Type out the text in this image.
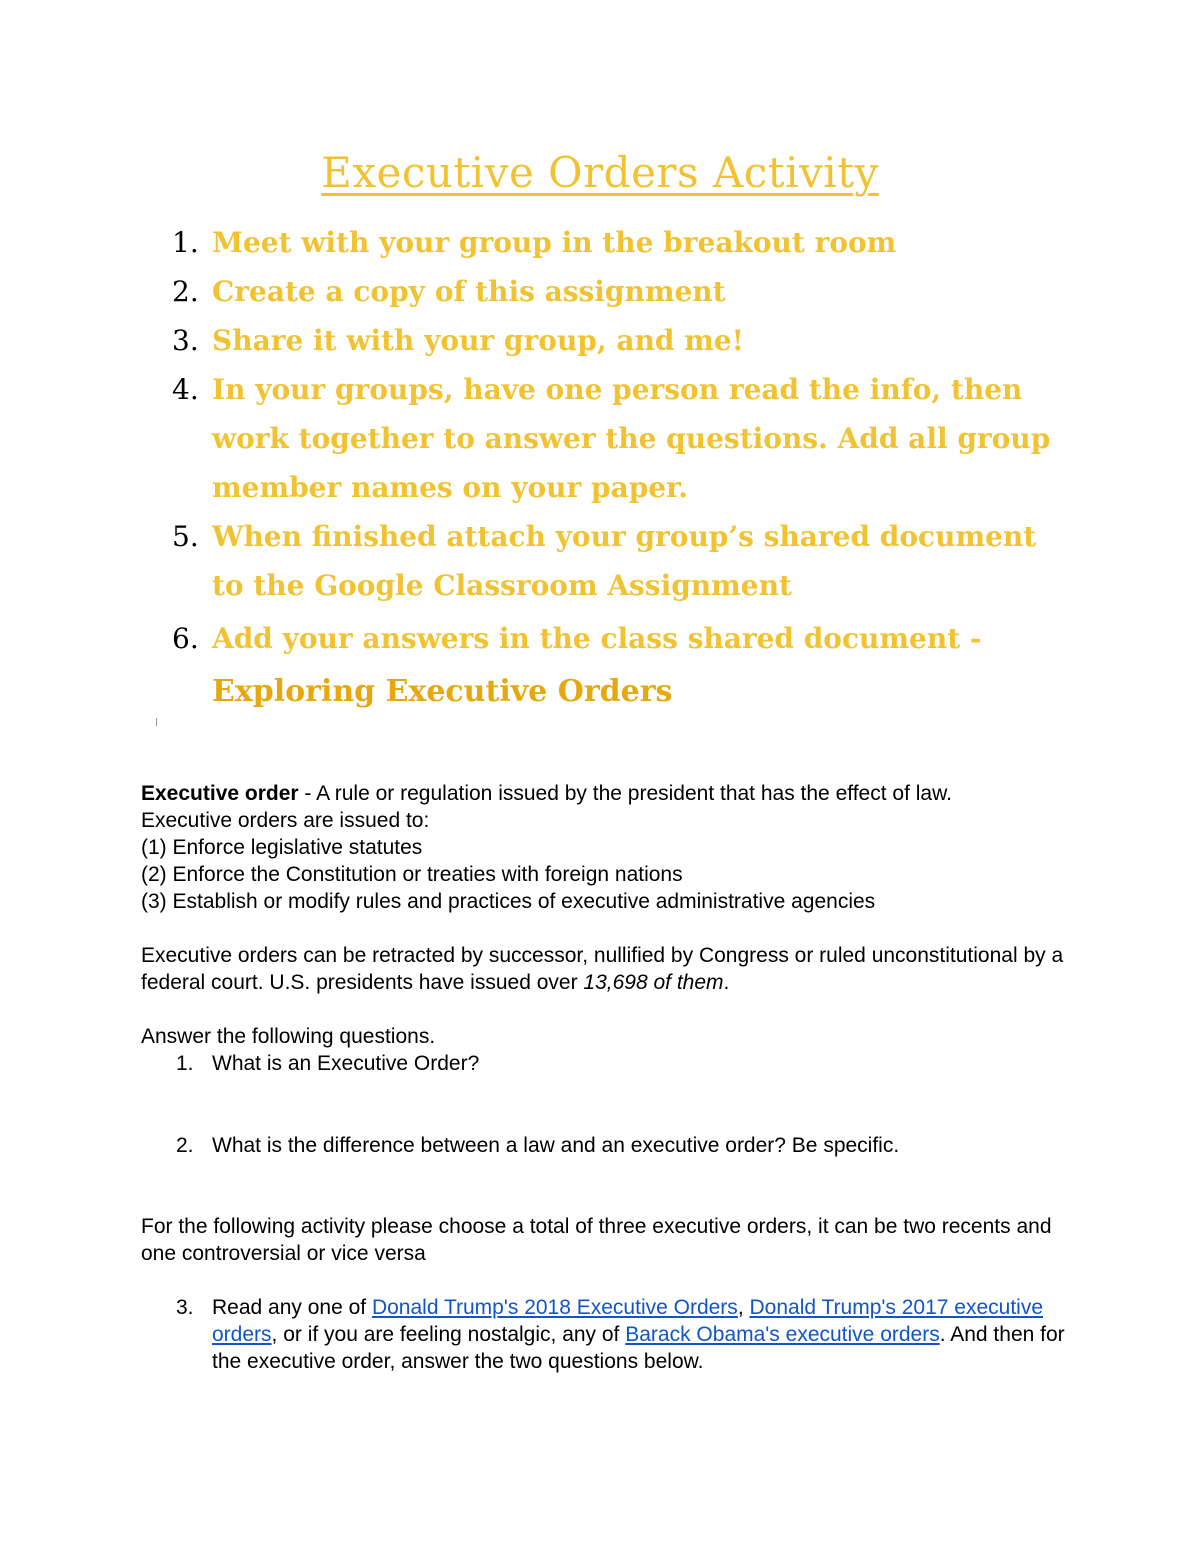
Executive Orders Activity
1. Meet with your group in the breakout room
2. Create a copy of this assignment
3. Share it with your group, and me!
4. In your groups, have one person read the info, then work together to answer the questions. Add all group member names on your paper.
5. When finished attach your group’s shared document to the Google Classroom Assignment
6. Add your answers in the class shared document -
Exploring Executive Orders

Executive order - A rule or regulation issued by the president that has the effect of law.

Executive orders are issued to:

(1) Enforce legislative statutes

(2) Enforce the Constitution or treaties with foreign nations

(3) Establish or modify rules and practices of executive administrative agencies

Executive orders can be retracted by successor, nullified by Congress or ruled unconstitutional by a federal court. U.S. presidents have issued over 13,698 of them.

Answer the following questions.

1. What is an Executive Order?
2. What is the difference between a law and an executive order? Be specific.

For the following activity please choose a total of three executive orders, it can be two recents and one controversial or vice versa

3. Read any one of Donald Trump's 2018 Executive Orders, Donald Trump's 2017 executive orders, or if you are feeling nostalgic, any of Barack Obama's executive orders. And then for the executive order, answer the two questions below.
